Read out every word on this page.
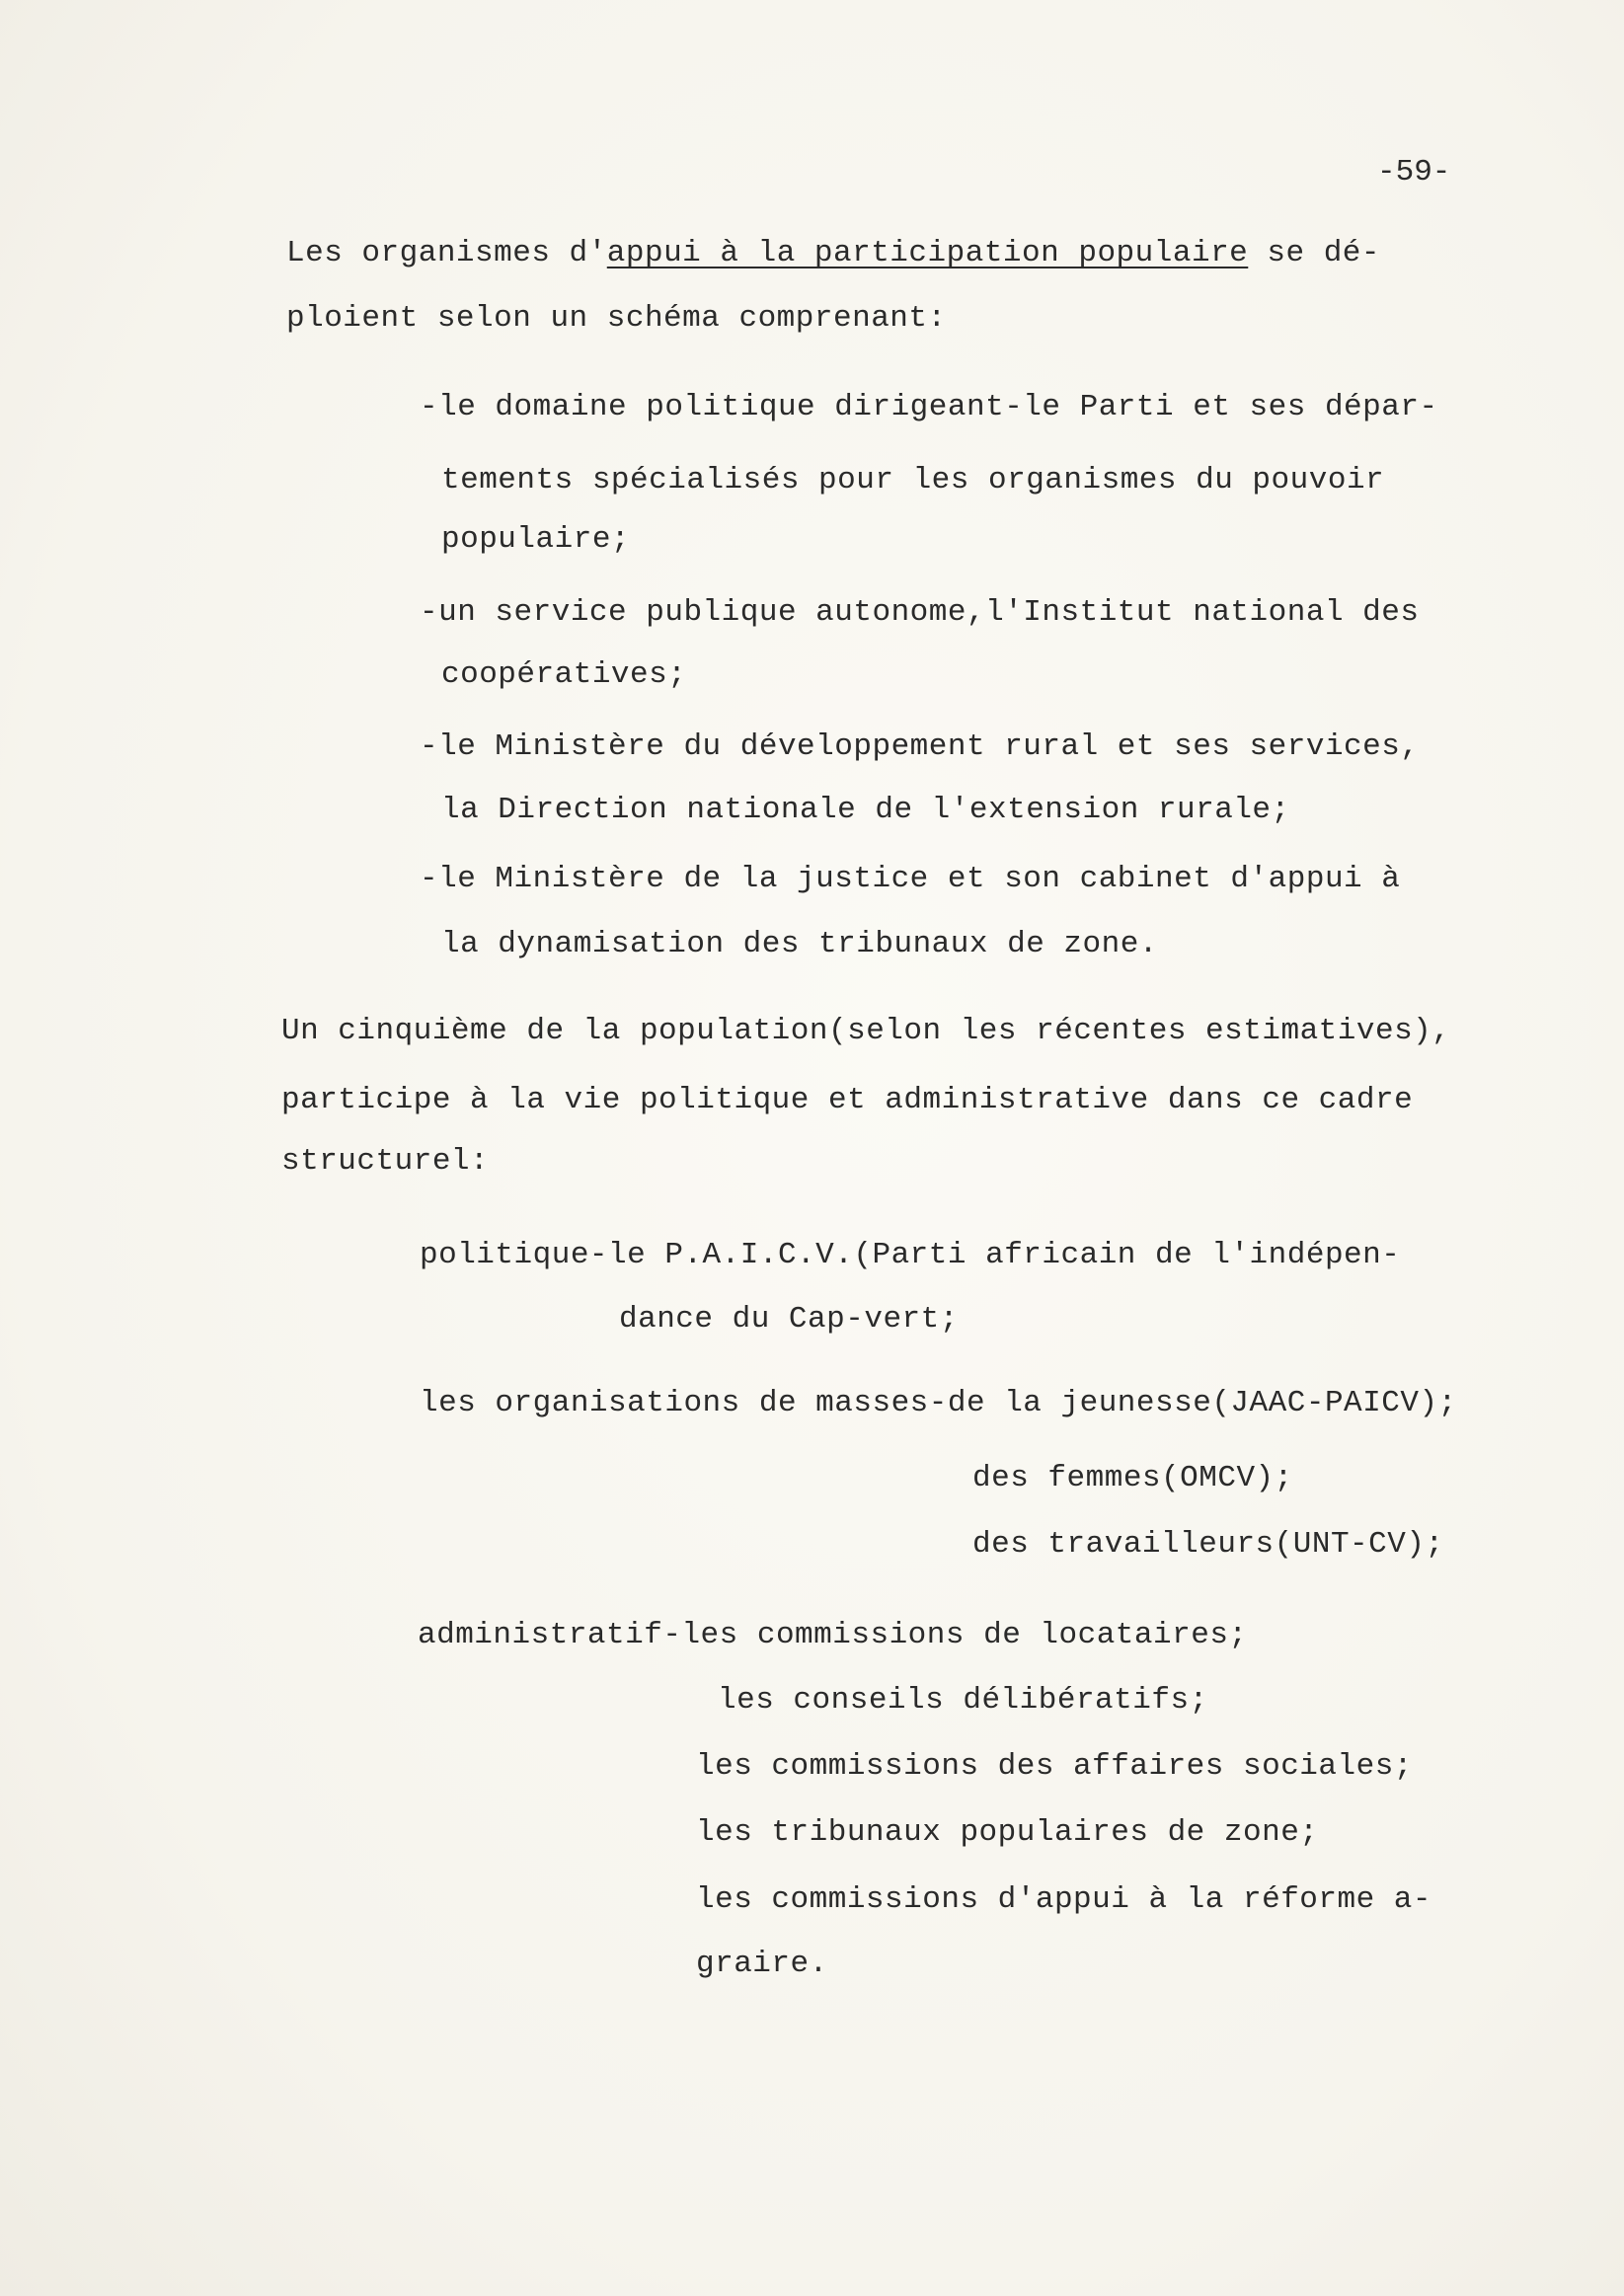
-59-
Les organismes d'appui à la participation populaire se dé-
ploient selon un schéma comprenant:
-le domaine politique dirigeant-le Parti et ses dépar-
tements spécialisés pour les organismes du pouvoir
populaire;
-un service publique autonome,l'Institut national des
coopératives;
-le Ministère du développement rural et ses services,
la Direction nationale de l'extension rurale;
-le Ministère de la justice et son cabinet d'appui à
la dynamisation des tribunaux de zone.
Un cinquième de la population(selon les récentes estimatives),
participe à la vie politique et administrative dans ce cadre
structurel:
politique-le P.A.I.C.V.(Parti africain de l'indépen-
dance du Cap-vert;
les organisations de masses-de la jeunesse(JAAC-PAICV);
des femmes(OMCV);
des travailleurs(UNT-CV);
administratif-les commissions de locataires;
les conseils délibératifs;
les commissions des affaires sociales;
les tribunaux populaires de zone;
les commissions d'appui à la réforme a-
graire.
